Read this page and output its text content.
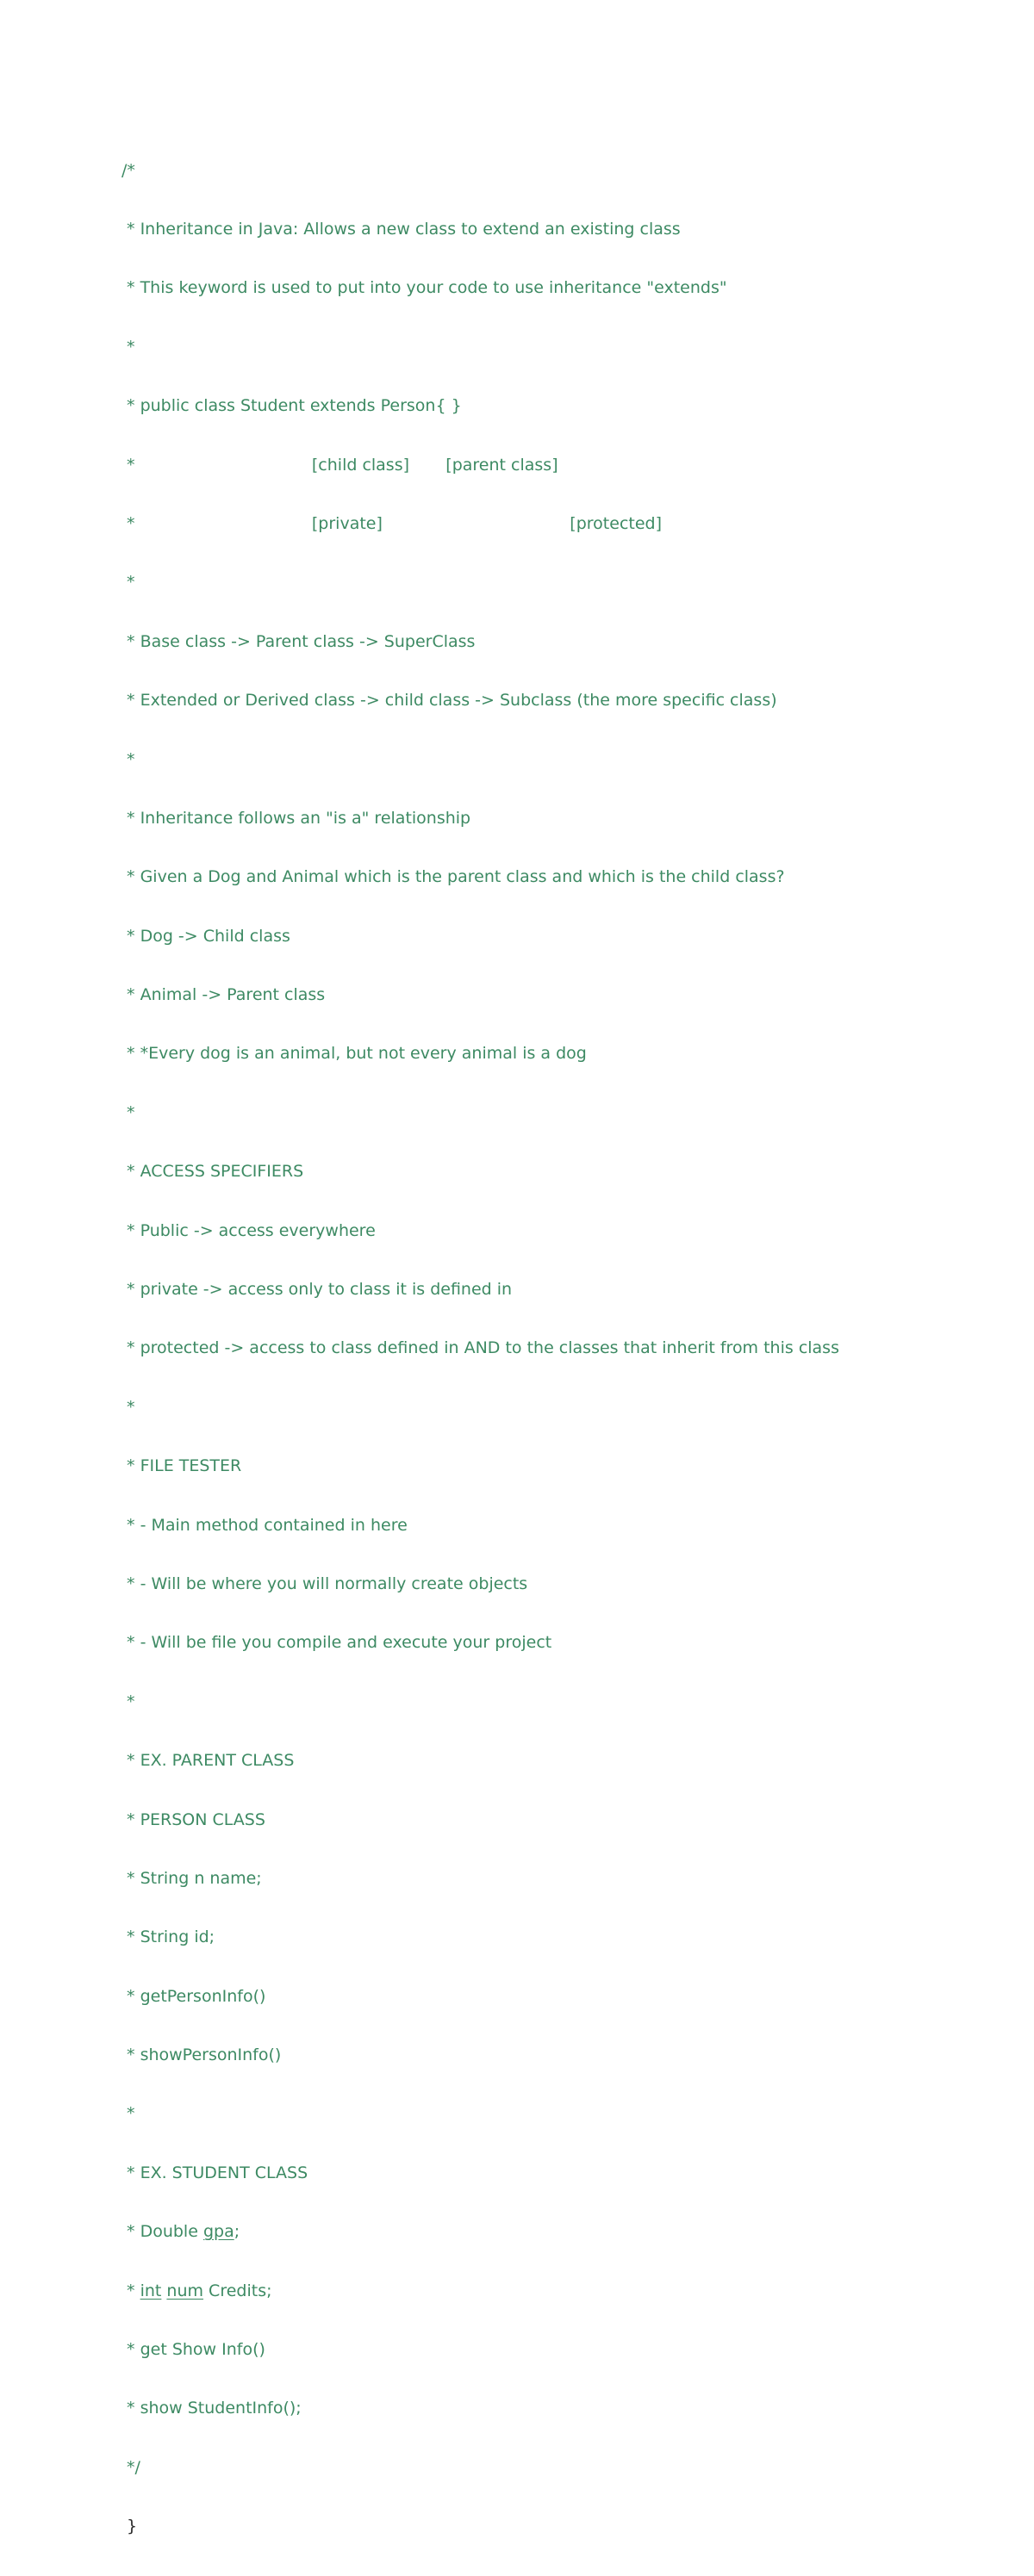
/*

* Inheritance in Java: Allows a new class to extend an existing class

* This keyword is used to put into your code to use inheritance "extends"

*

* public class Student extends Person{ }

*                                  [child class]       [parent class]

*                                  [private]                                    [protected]

*

* Base class -> Parent class -> SuperClass

* Extended or Derived class -> child class -> Subclass (the more specific class)

*

* Inheritance follows an "is a" relationship

* Given a Dog and Animal which is the parent class and which is the child class?

* Dog -> Child class

* Animal -> Parent class

* *Every dog is an animal, but not every animal is a dog

*

* ACCESS SPECIFIERS

* Public -> access everywhere

* private -> access only to class it is defined in

* protected -> access to class defined in AND to the classes that inherit from this class

*

* FILE TESTER

* - Main method contained in here

* - Will be where you will normally create objects

* - Will be file you compile and execute your project

*

* EX. PARENT CLASS

* PERSON CLASS

* String n name;

* String id;

* getPersonInfo()

* showPersonInfo()

*

* EX. STUDENT CLASS

* Double gpa;

* int num Credits;

* get Show Info()

* show StudentInfo();

*/

}
